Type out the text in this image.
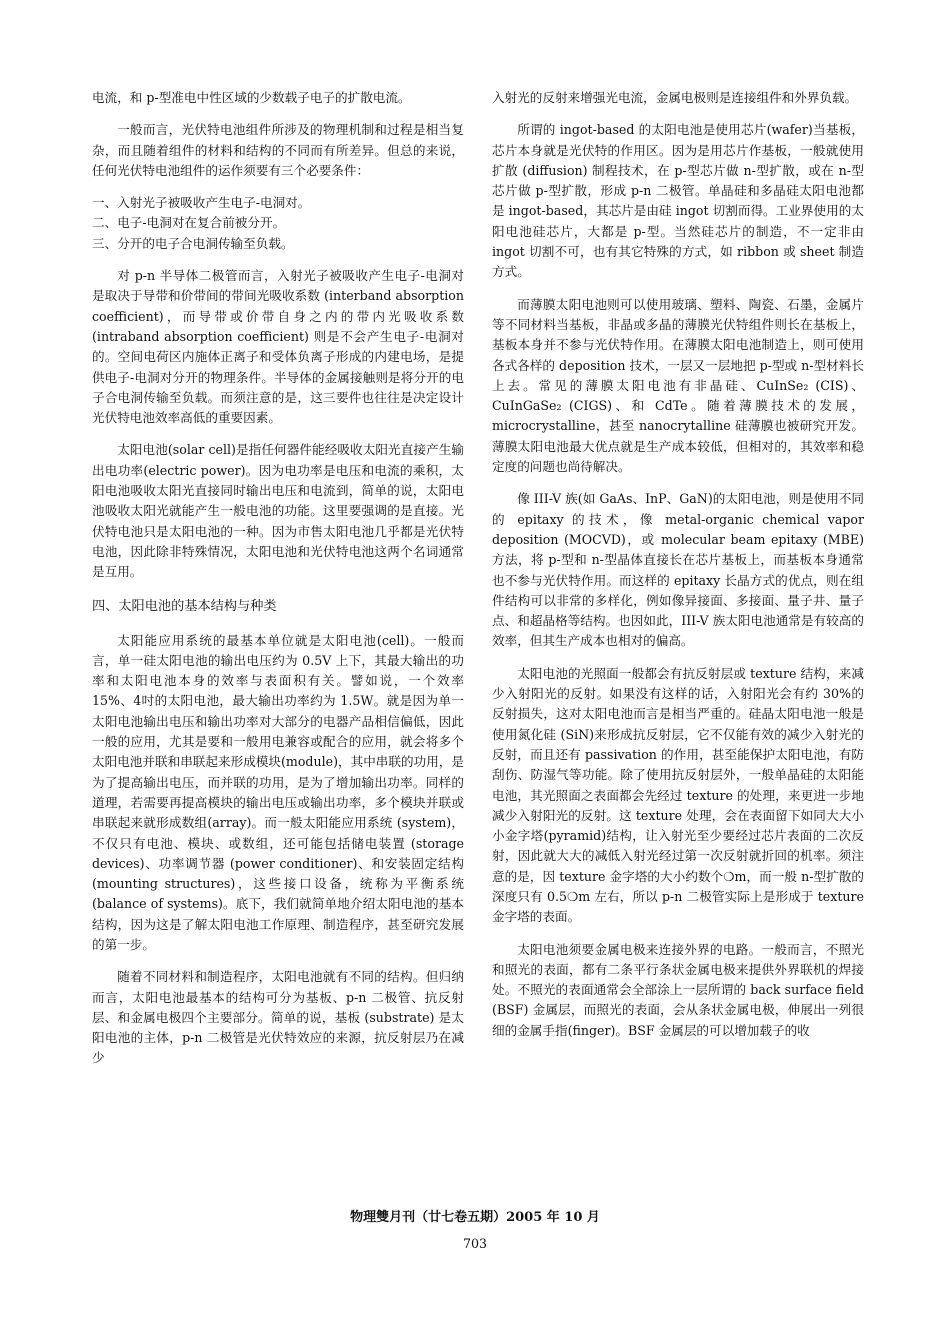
电流，和 p-型准电中性区域的少数载子电子的扩散电流。

一般而言，光伏特电池组件所涉及的物理机制和过程是相当复杂，而且随着组件的材料和结构的不同而有所差异。但总的来说，任何光伏特电池组件的运作须要有三个必要条件：

一、入射光子被吸收产生电子-电洞对。

二、电子-电洞对在复合前被分开。

三、分开的电子合电洞传输至负载。

对 p-n 半导体二极管而言，入射光子被吸收产生电子-电洞对是取决于导带和价带间的带间光吸收系数 (interband absorption coefficient)，而导带或价带自身之内的带内光吸收系数 (intraband absorption coefficient) 则是不会产生电子-电洞对的。空间电荷区内施体正离子和受体负离子形成的内建电场，是提供电子-电洞对分开的物理条件。半导体的金属接触则是将分开的电子合电洞传输至负载。而须注意的是，这三要件也往往是决定设计光伏特电池效率高低的重要因素。

太阳电池(solar cell)是指任何器件能经吸收太阳光直接产生输出电功率(electric power)。因为电功率是电压和电流的乘积，太阳电池吸收太阳光直接同时输出电压和电流到，简单的说，太阳电池吸收太阳光就能产生一般电池的功能。这里要强调的是直接。光伏特电池只是太阳电池的一种。因为市售太阳电池几乎都是光伏特电池，因此除非特殊情况，太阳电池和光伏特电池这两个名词通常是互用。

四、太阳电池的基本结构与种类

太阳能应用系统的最基本单位就是太阳电池(cell)。一般而言，单一硅太阳电池的输出电压约为 0.5V 上下，其最大输出的功率和太阳电池本身的效率与表面积有关。譬如说，一个效率 15%、4吋的太阳电池，最大输出功率约为 1.5W。就是因为单一太阳电池输出电压和输出功率对大部分的电器产品相信偏低，因此一般的应用，尤其是要和一般用电兼容或配合的应用，就会将多个太阳电池并联和串联起来形成模块(module)，其中串联的功用，是为了提高输出电压，而并联的功用，是为了增加输出功率。同样的道理，若需要再提高模块的输出电压或输出功率，多个模块并联或串联起来就形成数组(array)。而一般太阳能应用系统 (system)，不仅只有电池、模块、或数组，还可能包括储电装置 (storage devices)、功率调节器 (power conditioner)、和安装固定结构 (mounting structures)，这些接口设备，统称为平衡系统 (balance of systems)。底下，我们就简单地介绍太阳电池的基本结构，因为这是了解太阳电池工作原理、制造程序，甚至研究发展的第一步。

随着不同材料和制造程序，太阳电池就有不同的结构。但归纳而言，太阳电池最基本的结构可分为基板、p-n 二极管、抗反射层、和金属电极四个主要部分。简单的说，基板 (substrate) 是太阳电池的主体，p-n 二极管是光伏特效应的来源，抗反射层乃在减少

入射光的反射来增强光电流，金属电极则是连接组件和外界负载。

所谓的 ingot-based 的太阳电池是使用芯片(wafer)当基板，芯片本身就是光伏特的作用区。因为是用芯片作基板，一般就使用扩散 (diffusion) 制程技术，在 p-型芯片做 n-型扩散，或在 n-型芯片做 p-型扩散，形成 p-n 二极管。单晶硅和多晶硅太阳电池都是 ingot-based，其芯片是由硅 ingot 切割而得。工业界使用的太阳电池硅芯片，大都是 p-型。当然硅芯片的制造，不一定非由 ingot 切割不可，也有其它特殊的方式，如 ribbon 或 sheet 制造方式。

而薄膜太阳电池则可以使用玻璃、塑料、陶瓷、石墨，金属片等不同材料当基板，非晶或多晶的薄膜光伏特组件则长在基板上，基板本身并不参与光伏特作用。在薄膜太阳电池制造上，则可使用各式各样的 deposition 技术，一层又一层地把 p-型或 n-型材料长上去。常见的薄膜太阳电池有非晶硅、CuInSe₂ (CIS)、CuInGaSe₂ (CIGS)、和 CdTe。随着薄膜技术的发展，microcrystalline，甚至 nanocrytalline 硅薄膜也被研究开发。薄膜太阳电池最大优点就是生产成本较低，但相对的，其效率和稳定度的问题也尚待解决。

像 III-V 族(如 GaAs、InP、GaN)的太阳电池，则是使用不同的 epitaxy 的技术，像 metal-organic chemical vapor deposition (MOCVD)，或 molecular beam epitaxy (MBE)方法，将 p-型和 n-型晶体直接长在芯片基板上，而基板本身通常也不参与光伏特作用。而这样的 epitaxy 长晶方式的优点，则在组件结构可以非常的多样化，例如像异接面、多接面、量子井、量子点、和超晶格等结构。也因如此，III-V 族太阳电池通常是有较高的效率，但其生产成本也相对的偏高。

太阳电池的光照面一般都会有抗反射层或 texture 结构，来减少入射阳光的反射。如果没有这样的话，入射阳光会有约 30%的反射损失，这对太阳电池而言是相当严重的。硅晶太阳电池一般是使用氮化硅 (SiN)来形成抗反射层，它不仅能有效的减少入射光的反射，而且还有 passivation 的作用，甚至能保护太阳电池，有防刮伤、防湿气等功能。除了使用抗反射层外，一般单晶硅的太阳能电池，其光照面之表面都会先经过 texture 的处理，来更进一步地减少入射阳光的反射。这 texture 处理，会在表面留下如同大大小小金字塔(pyramid)结构，让入射光至少要经过芯片表面的二次反射，因此就大大的减低入射光经过第一次反射就折回的机率。须注意的是，因 texture 金字塔的大小约数个❍m，而一般 n-型扩散的深度只有 0.5❍m 左右，所以 p-n 二极管实际上是形成于 texture 金字塔的表面。

太阳电池须要金属电极来连接外界的电路。一般而言，不照光和照光的表面，都有二条平行条状金属电极来提供外界联机的焊接处。不照光的表面通常会全部涂上一层所谓的 back surface field (BSF) 金属层，而照光的表面，会从条状金属电极，伸展出一列很细的金属手指(finger)。BSF 金属层的可以增加载子的收

物理雙月刊（廿七卷五期）2005 年 10 月
703
